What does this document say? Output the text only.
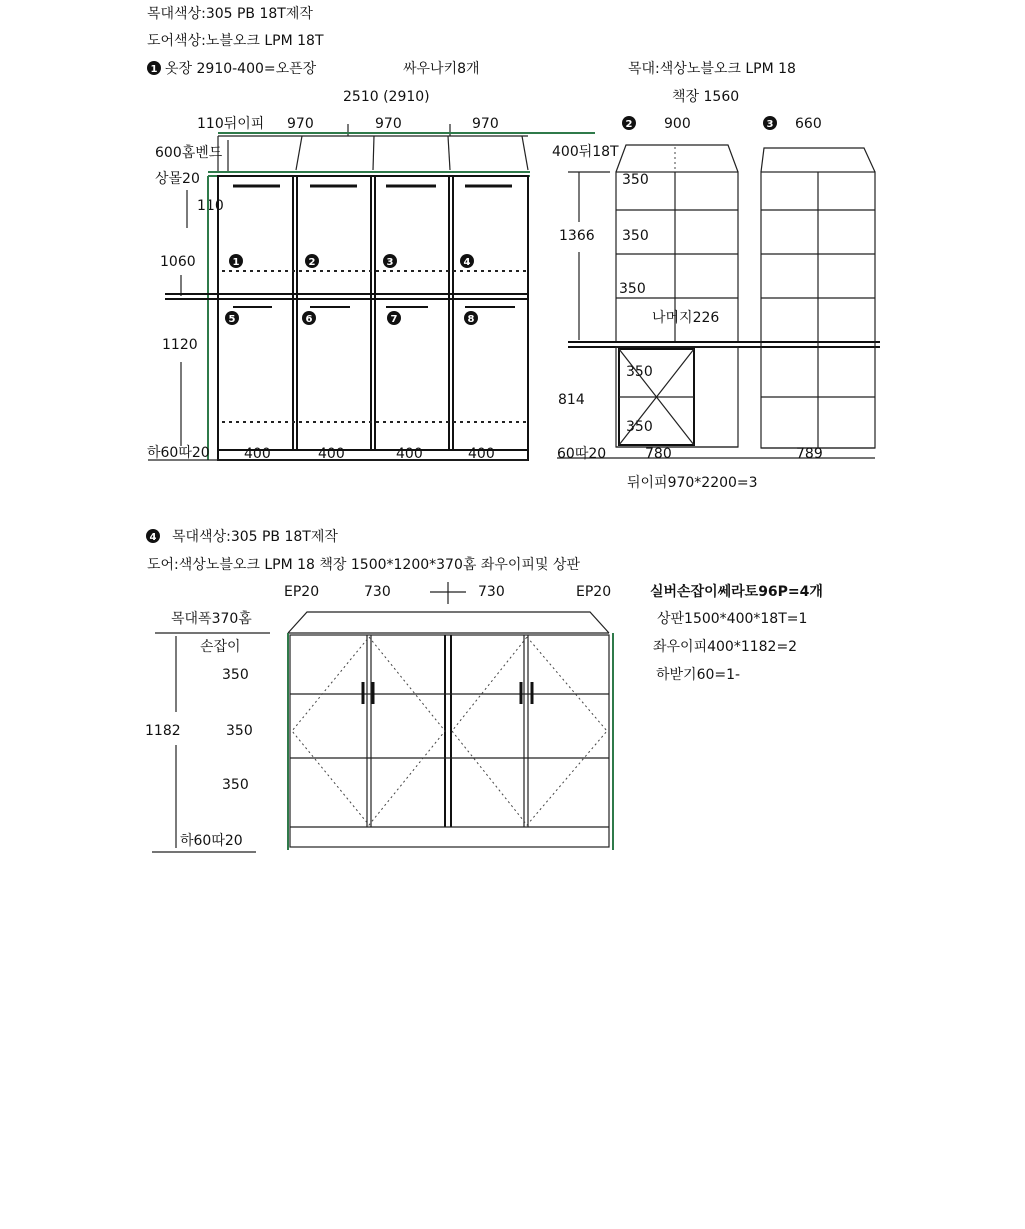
목대색상:305 PB 18T제작
도어색상:노블오크 LPM 18T
1 옷장 2910-400=오픈장	싸우나키8개	목대:색상노블오크 LPM 18
2510 (2910)	책장 1560
110뒤이피 970	970	970
600홈벤드
상몰20
110
1060	1	2	3	4
5	6	7	8
1120
하60따20 400	400	400	400
2 900
400뒤18T
1366
350
350
350
나머지226
350
350
814
60따20	780
3 660
789
뒤이피970*2200=3
4 목대색상:305 PB 18T제작
도어:색상노블오크 LPM 18 책장 1500*1200*370홈 좌우이피및 상판
EP20	730	730	EP20	실버손잡이쎄라토96P=4개
목대폭370홈
손잡이
350
350
350
1182
하60따20
상판1500*400*18T=1
좌우이피400*1182=2
하받기60=1-
